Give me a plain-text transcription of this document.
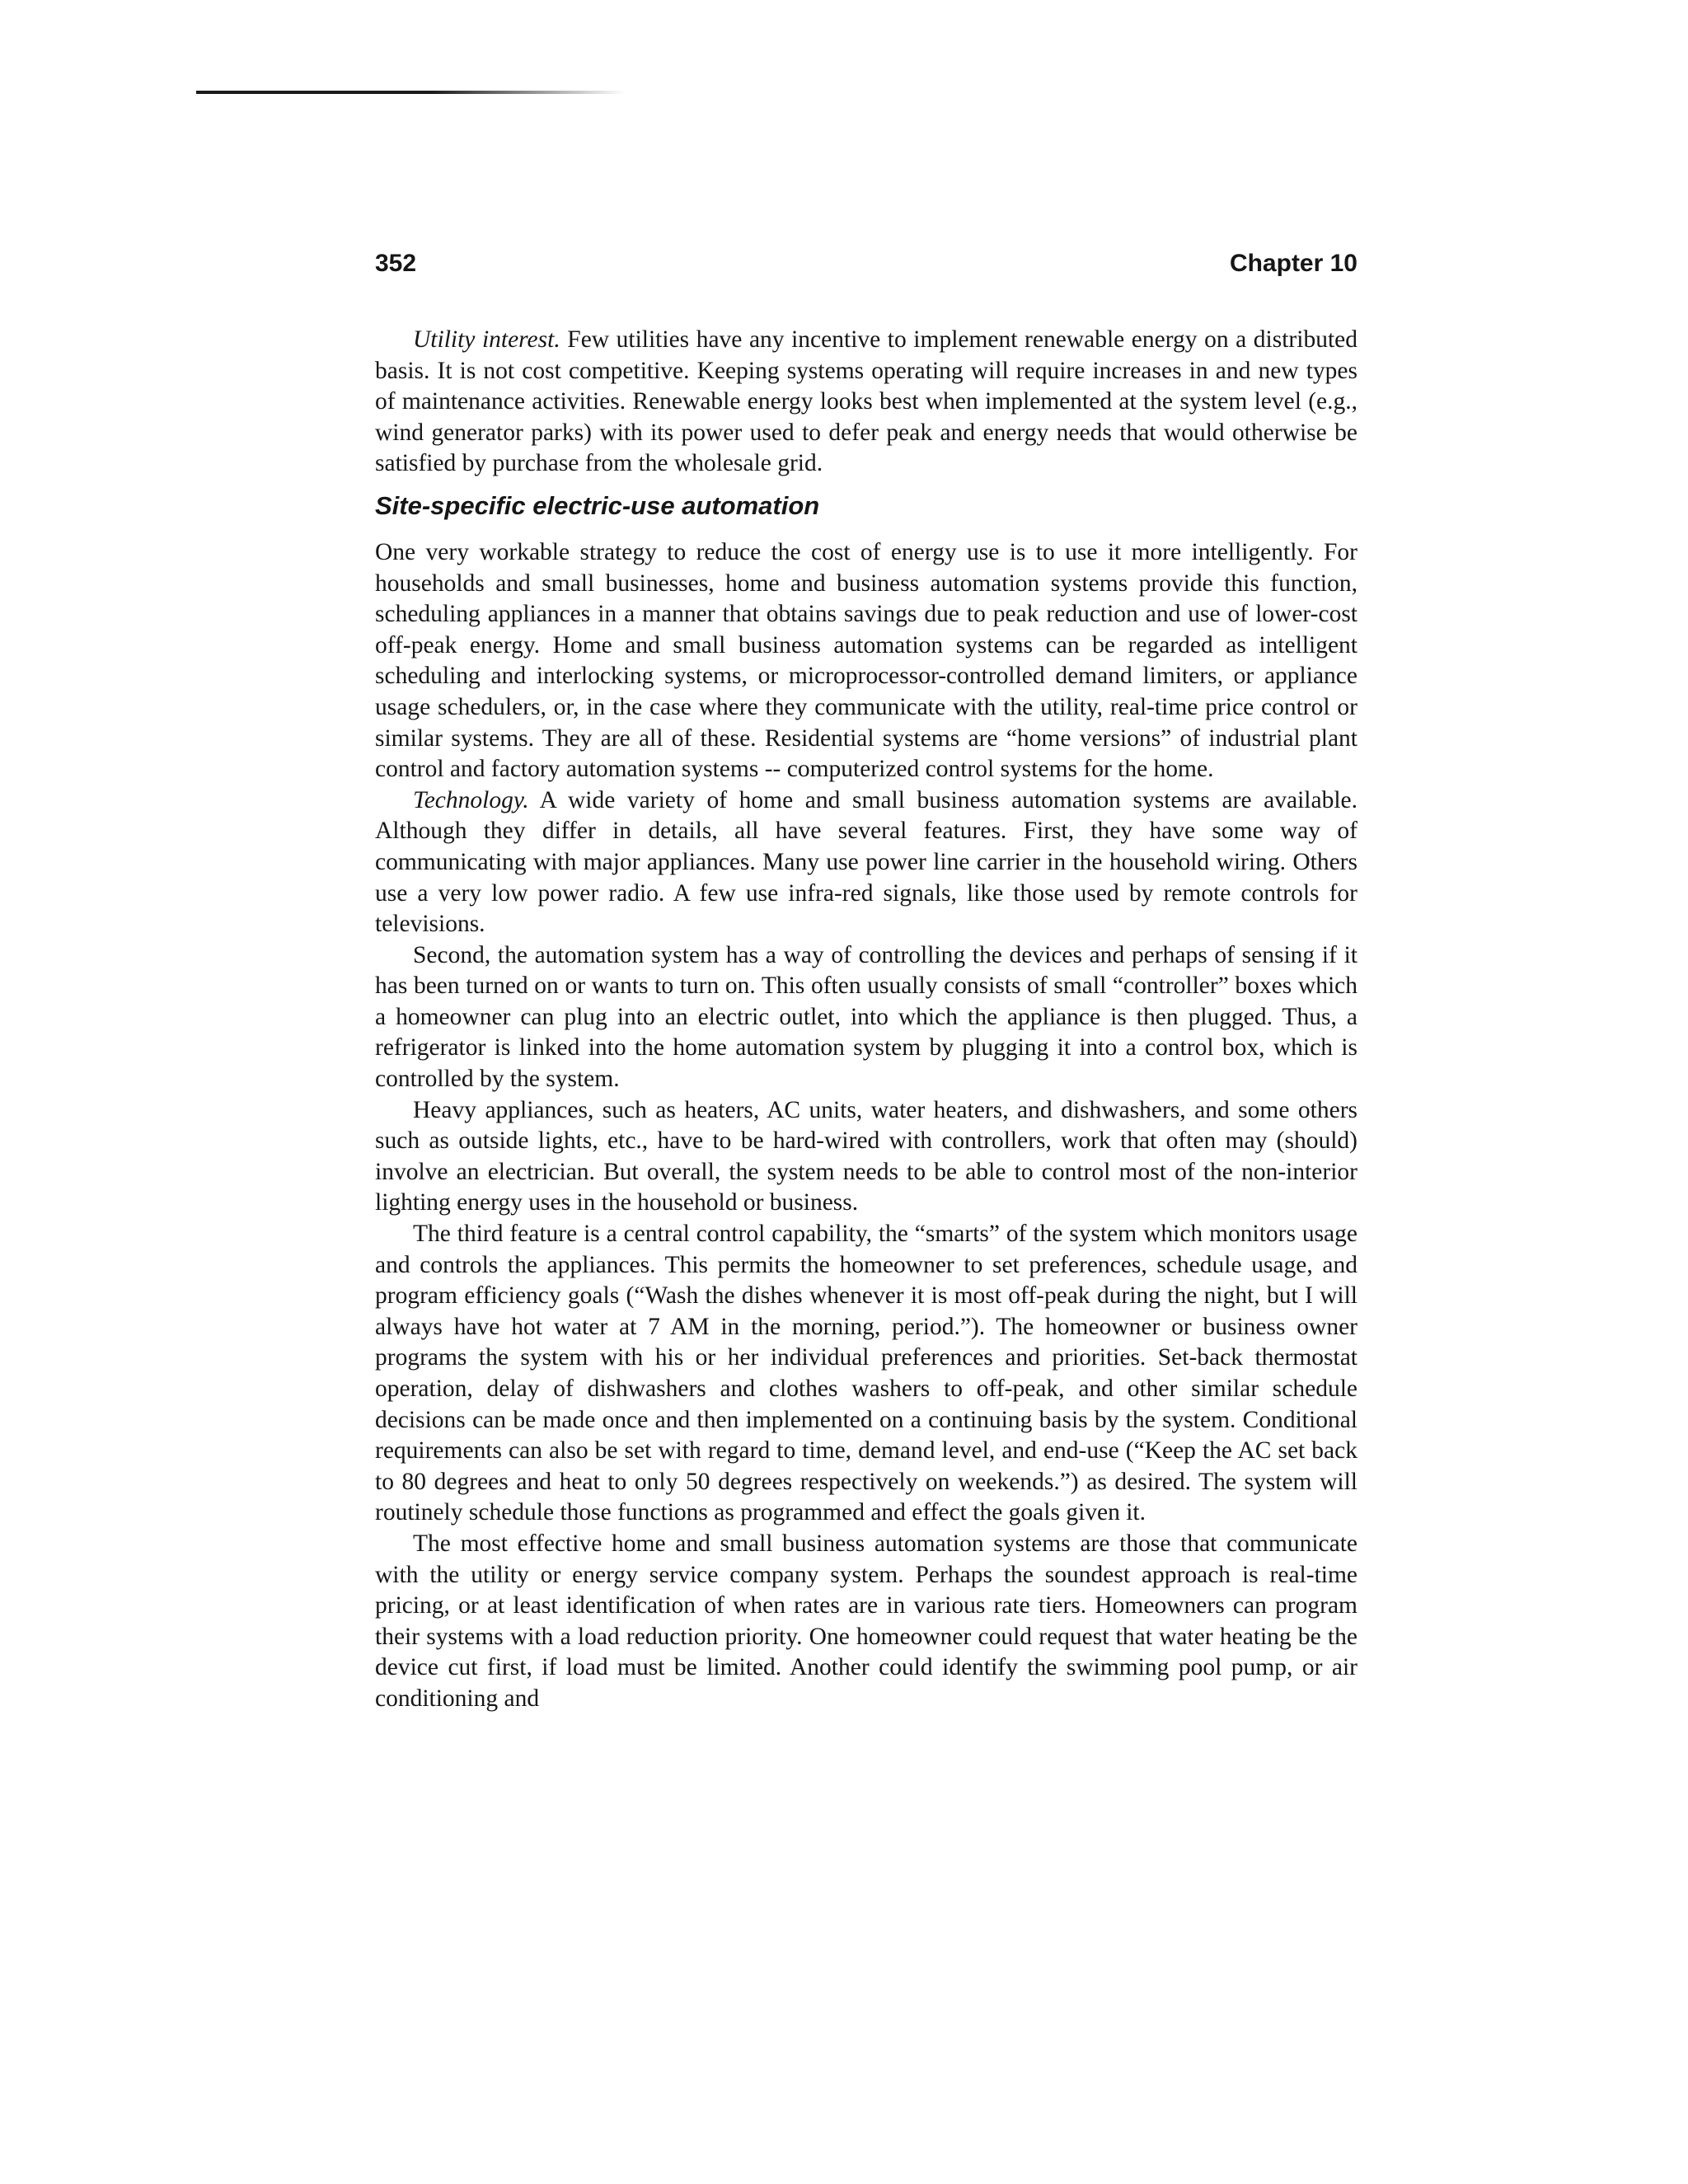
352	Chapter 10

Utility interest. Few utilities have any incentive to implement renewable energy on a distributed basis. It is not cost competitive. Keeping systems operating will require increases in and new types of maintenance activities. Renewable energy looks best when implemented at the system level (e.g., wind generator parks) with its power used to defer peak and energy needs that would otherwise be satisfied by purchase from the wholesale grid.

Site-specific electric-use automation

One very workable strategy to reduce the cost of energy use is to use it more intelligently. For households and small businesses, home and business automation systems provide this function, scheduling appliances in a manner that obtains savings due to peak reduction and use of lower-cost off-peak energy. Home and small business automation systems can be regarded as intelligent scheduling and interlocking systems, or microprocessor-controlled demand limiters, or appliance usage schedulers, or, in the case where they communicate with the utility, real-time price control or similar systems. They are all of these. Residential systems are “home versions” of industrial plant control and factory automation systems -- computerized control systems for the home.

Technology. A wide variety of home and small business automation systems are available. Although they differ in details, all have several features. First, they have some way of communicating with major appliances. Many use power line carrier in the household wiring. Others use a very low power radio. A few use infra-red signals, like those used by remote controls for televisions.

Second, the automation system has a way of controlling the devices and perhaps of sensing if it has been turned on or wants to turn on. This often usually consists of small “controller” boxes which a homeowner can plug into an electric outlet, into which the appliance is then plugged. Thus, a refrigerator is linked into the home automation system by plugging it into a control box, which is controlled by the system.

Heavy appliances, such as heaters, AC units, water heaters, and dishwashers, and some others such as outside lights, etc., have to be hard-wired with controllers, work that often may (should) involve an electrician. But overall, the system needs to be able to control most of the non-interior lighting energy uses in the household or business.

The third feature is a central control capability, the “smarts” of the system which monitors usage and controls the appliances. This permits the homeowner to set preferences, schedule usage, and program efficiency goals (“Wash the dishes whenever it is most off-peak during the night, but I will always have hot water at 7 AM in the morning, period.”). The homeowner or business owner programs the system with his or her individual preferences and priorities. Set-back thermostat operation, delay of dishwashers and clothes washers to off-peak, and other similar schedule decisions can be made once and then implemented on a continuing basis by the system. Conditional requirements can also be set with regard to time, demand level, and end-use (“Keep the AC set back to 80 degrees and heat to only 50 degrees respectively on weekends.”) as desired. The system will routinely schedule those functions as programmed and effect the goals given it.

The most effective home and small business automation systems are those that communicate with the utility or energy service company system. Perhaps the soundest approach is real-time pricing, or at least identification of when rates are in various rate tiers. Homeowners can program their systems with a load reduction priority. One homeowner could request that water heating be the device cut first, if load must be limited. Another could identify the swimming pool pump, or air conditioning and
